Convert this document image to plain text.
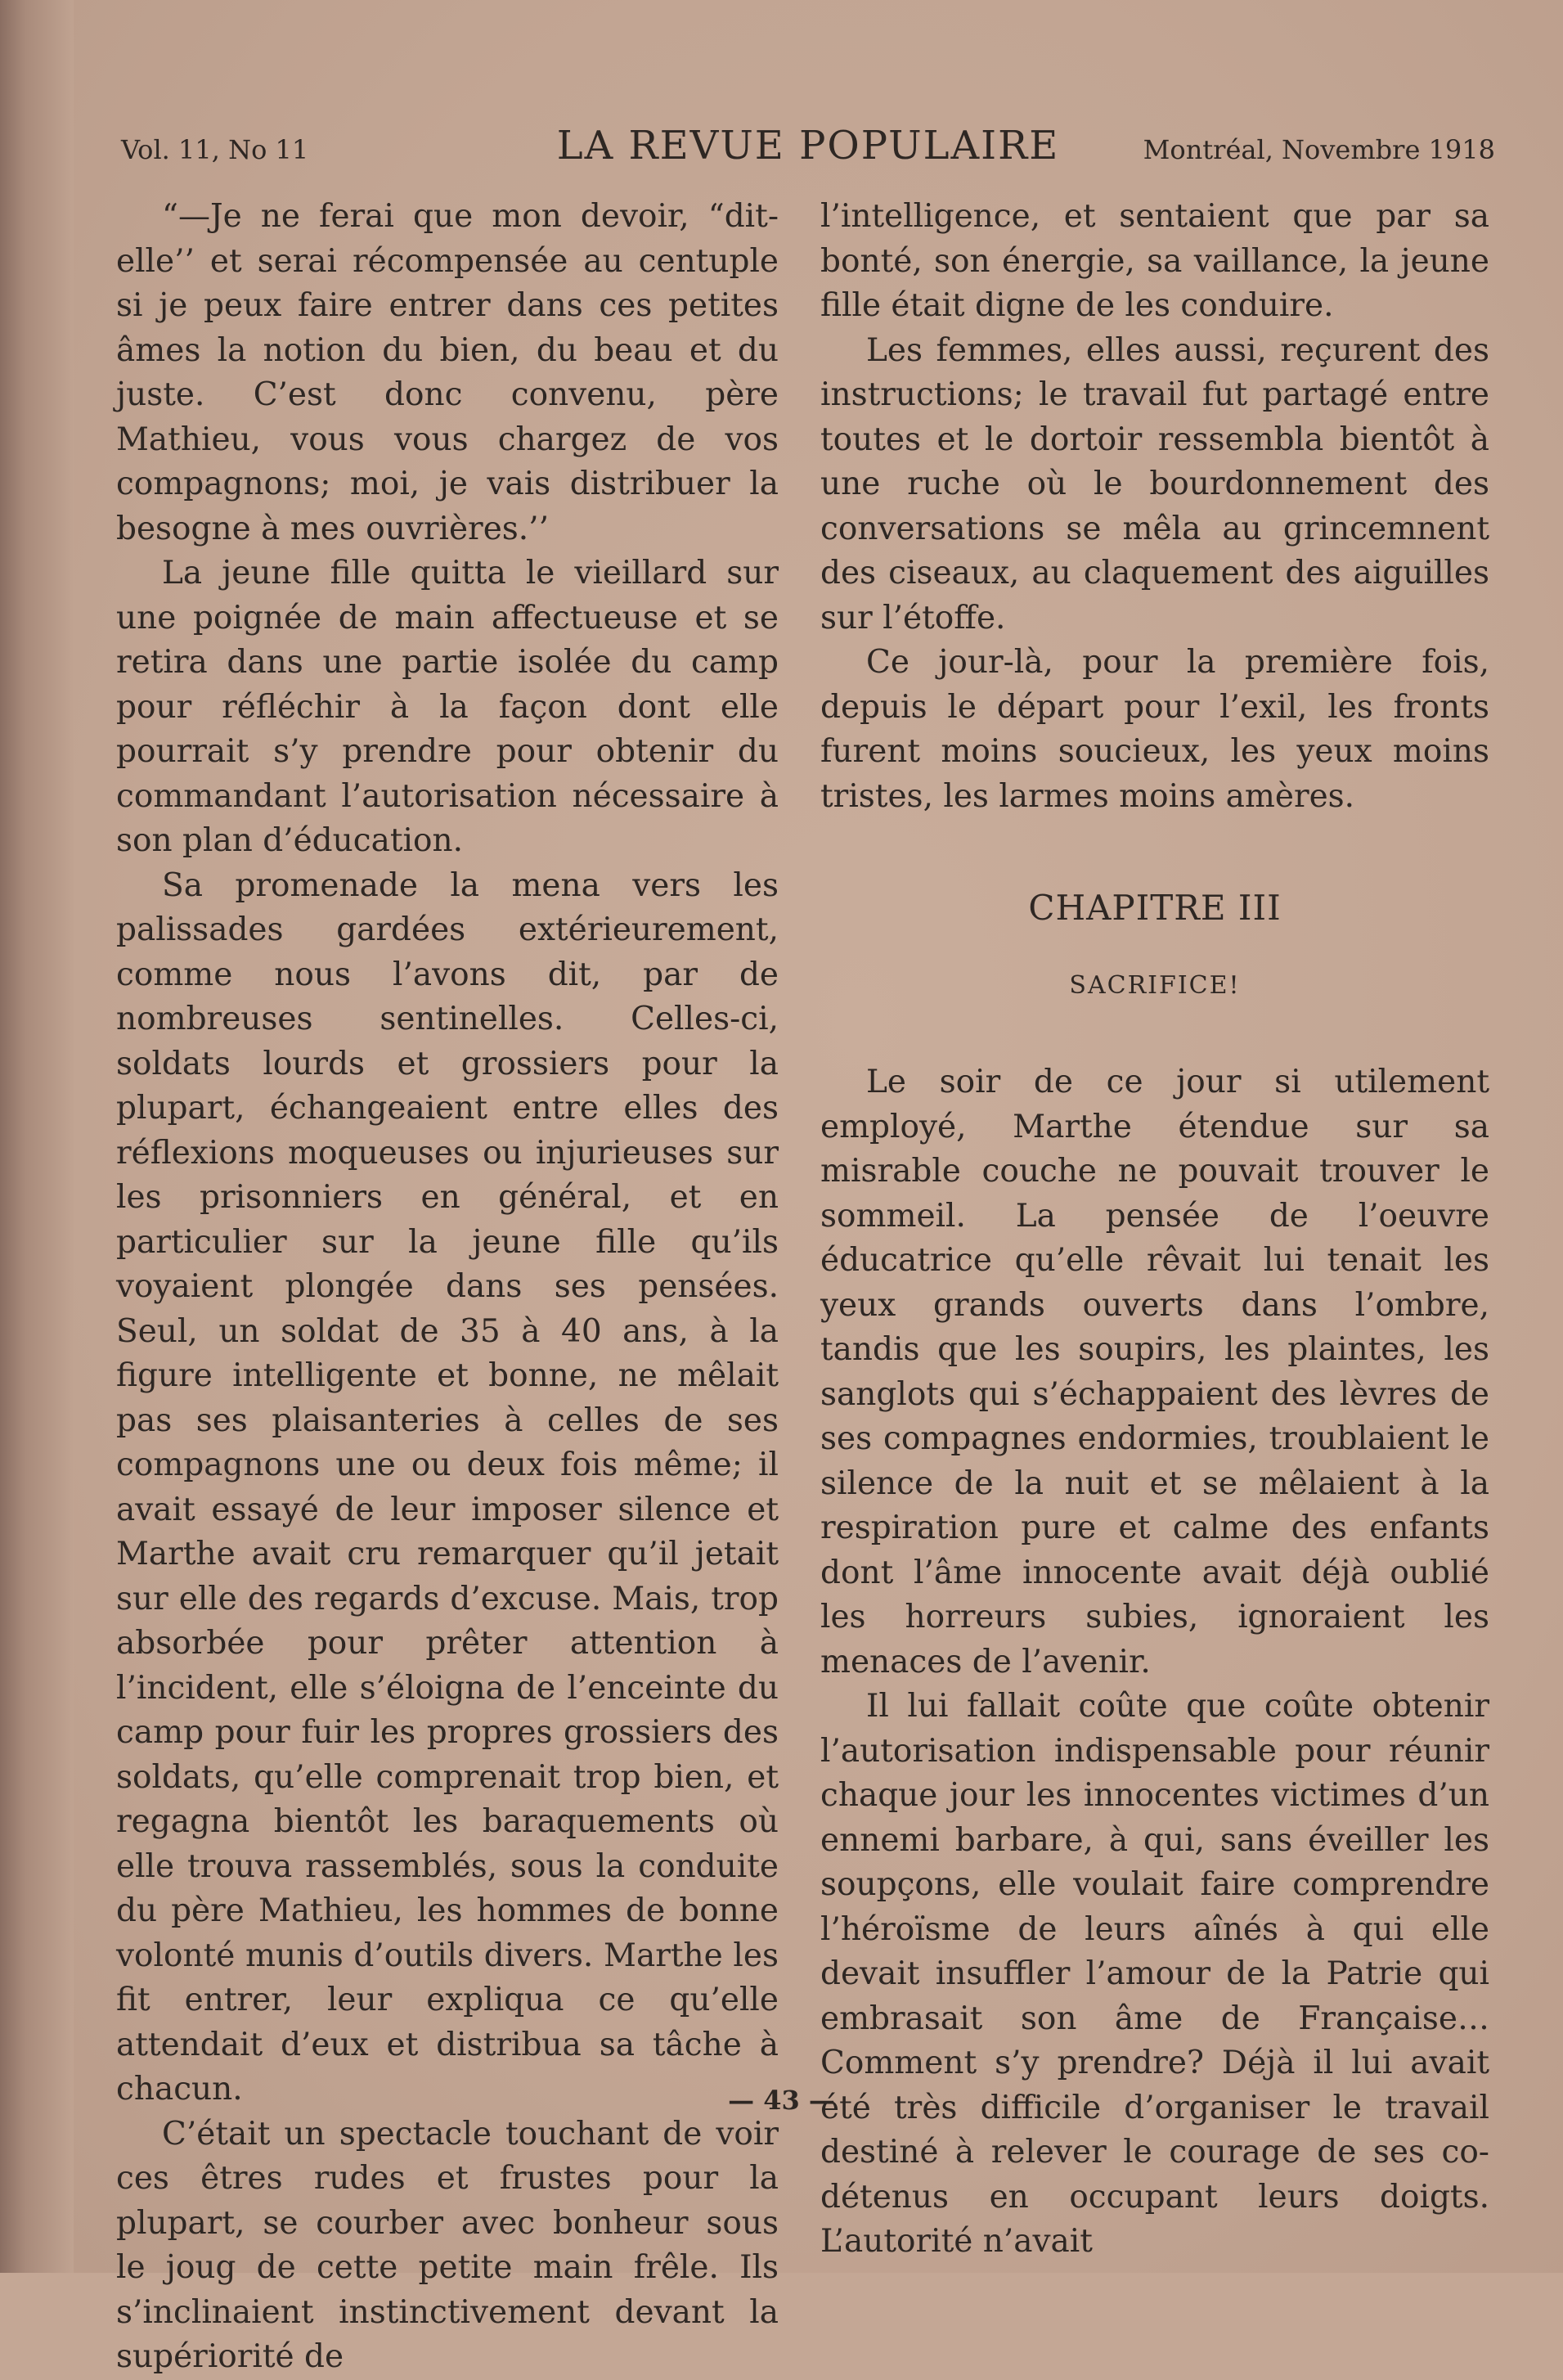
Vol. 11, No 11	LA REVUE POPULAIRE	Montréal, Novembre 1918

“—Je ne ferai que mon devoir, “dit-elle’’ et serai récompensée au centuple si je peux faire entrer dans ces petites âmes la notion du bien, du beau et du juste. C’est donc convenu, père Mathieu, vous vous chargez de vos compagnons; moi, je vais distribuer la besogne à mes ouvrières.’’

La jeune fille quitta le vieillard sur une poignée de main affectueuse et se retira dans une partie isolée du camp pour réfléchir à la façon dont elle pourrait s’y prendre pour obtenir du commandant l’autorisation nécessaire à son plan d’éducation.

Sa promenade la mena vers les palissades gardées extérieurement, comme nous l’avons dit, par de nombreuses sentinelles. Celles-ci, soldats lourds et grossiers pour la plupart, échangeaient entre elles des réflexions moqueuses ou injurieuses sur les prisonniers en général, et en particulier sur la jeune fille qu’ils voyaient plongée dans ses pensées. Seul, un soldat de 35 à 40 ans, à la figure intelligente et bonne, ne mêlait pas ses plaisanteries à celles de ses compagnons une ou deux fois même; il avait essayé de leur imposer silence et Marthe avait cru remarquer qu’il jetait sur elle des regards d’excuse. Mais, trop absorbée pour prêter attention à l’incident, elle s’éloigna de l’enceinte du camp pour fuir les propres grossiers des soldats, qu’elle comprenait trop bien, et regagna bientôt les baraquements où elle trouva rassemblés, sous la conduite du père Mathieu, les hommes de bonne volonté munis d’outils divers. Marthe les fit entrer, leur expliqua ce qu’elle attendait d’eux et distribua sa tâche à chacun.

C’était un spectacle touchant de voir ces êtres rudes et frustes pour la plupart, se courber avec bonheur sous le joug de cette petite main frêle. Ils s’inclinaient instinctivement devant la supériorité de

l’intelligence, et sentaient que par sa bonté, son énergie, sa vaillance, la jeune fille était digne de les conduire.

Les femmes, elles aussi, reçurent des instructions; le travail fut partagé entre toutes et le dortoir ressembla bientôt à une ruche où le bourdonnement des conversations se mêla au grincemnent des ciseaux, au claquement des aiguilles sur l’étoffe.

Ce jour-là, pour la première fois, depuis le départ pour l’exil, les fronts furent moins soucieux, les yeux moins tristes, les larmes moins amères.

CHAPITRE III
SACRIFICE!

Le soir de ce jour si utilement employé, Marthe étendue sur sa misrable couche ne pouvait trouver le sommeil. La pensée de l’oeuvre éducatrice qu’elle rêvait lui tenait les yeux grands ouverts dans l’ombre, tandis que les soupirs, les plaintes, les sanglots qui s’échappaient des lèvres de ses compagnes endormies, troublaient le silence de la nuit et se mêlaient à la respiration pure et calme des enfants dont l’âme innocente avait déjà oublié les horreurs subies, ignoraient les menaces de l’avenir.

Il lui fallait coûte que coûte obtenir l’autorisation indispensable pour réunir chaque jour les innocentes victimes d’un ennemi barbare, à qui, sans éveiller les soupçons, elle voulait faire comprendre l’héroïsme de leurs aînés à qui elle devait insuffler l’amour de la Patrie qui embrasait son âme de Française… Comment s’y prendre? Déjà il lui avait été très difficile d’organiser le travail destiné à relever le courage de ses co-détenus en occupant leurs doigts. L’autorité n’avait

— 43 —
